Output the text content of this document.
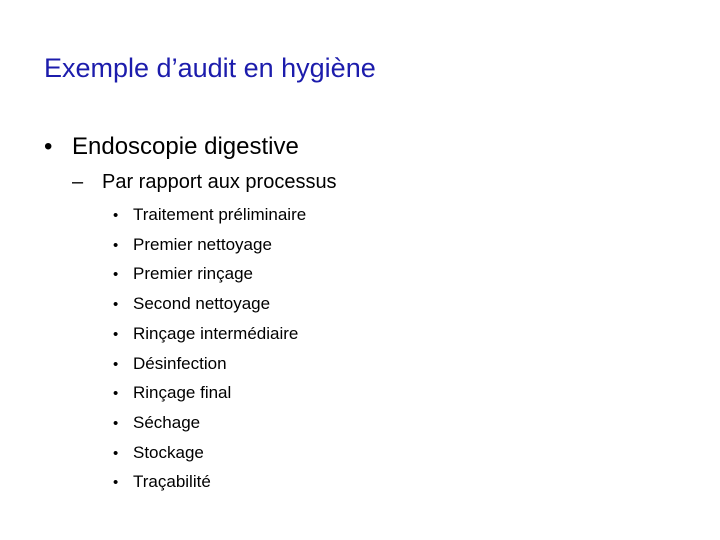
Exemple d’audit en hygiène
• Endoscopie digestive
– Par rapport aux processus
• Traitement préliminaire
• Premier nettoyage
• Premier rinçage
• Second nettoyage
• Rinçage intermédiaire
• Désinfection
• Rinçage final
• Séchage
• Stockage
• Traçabilité
